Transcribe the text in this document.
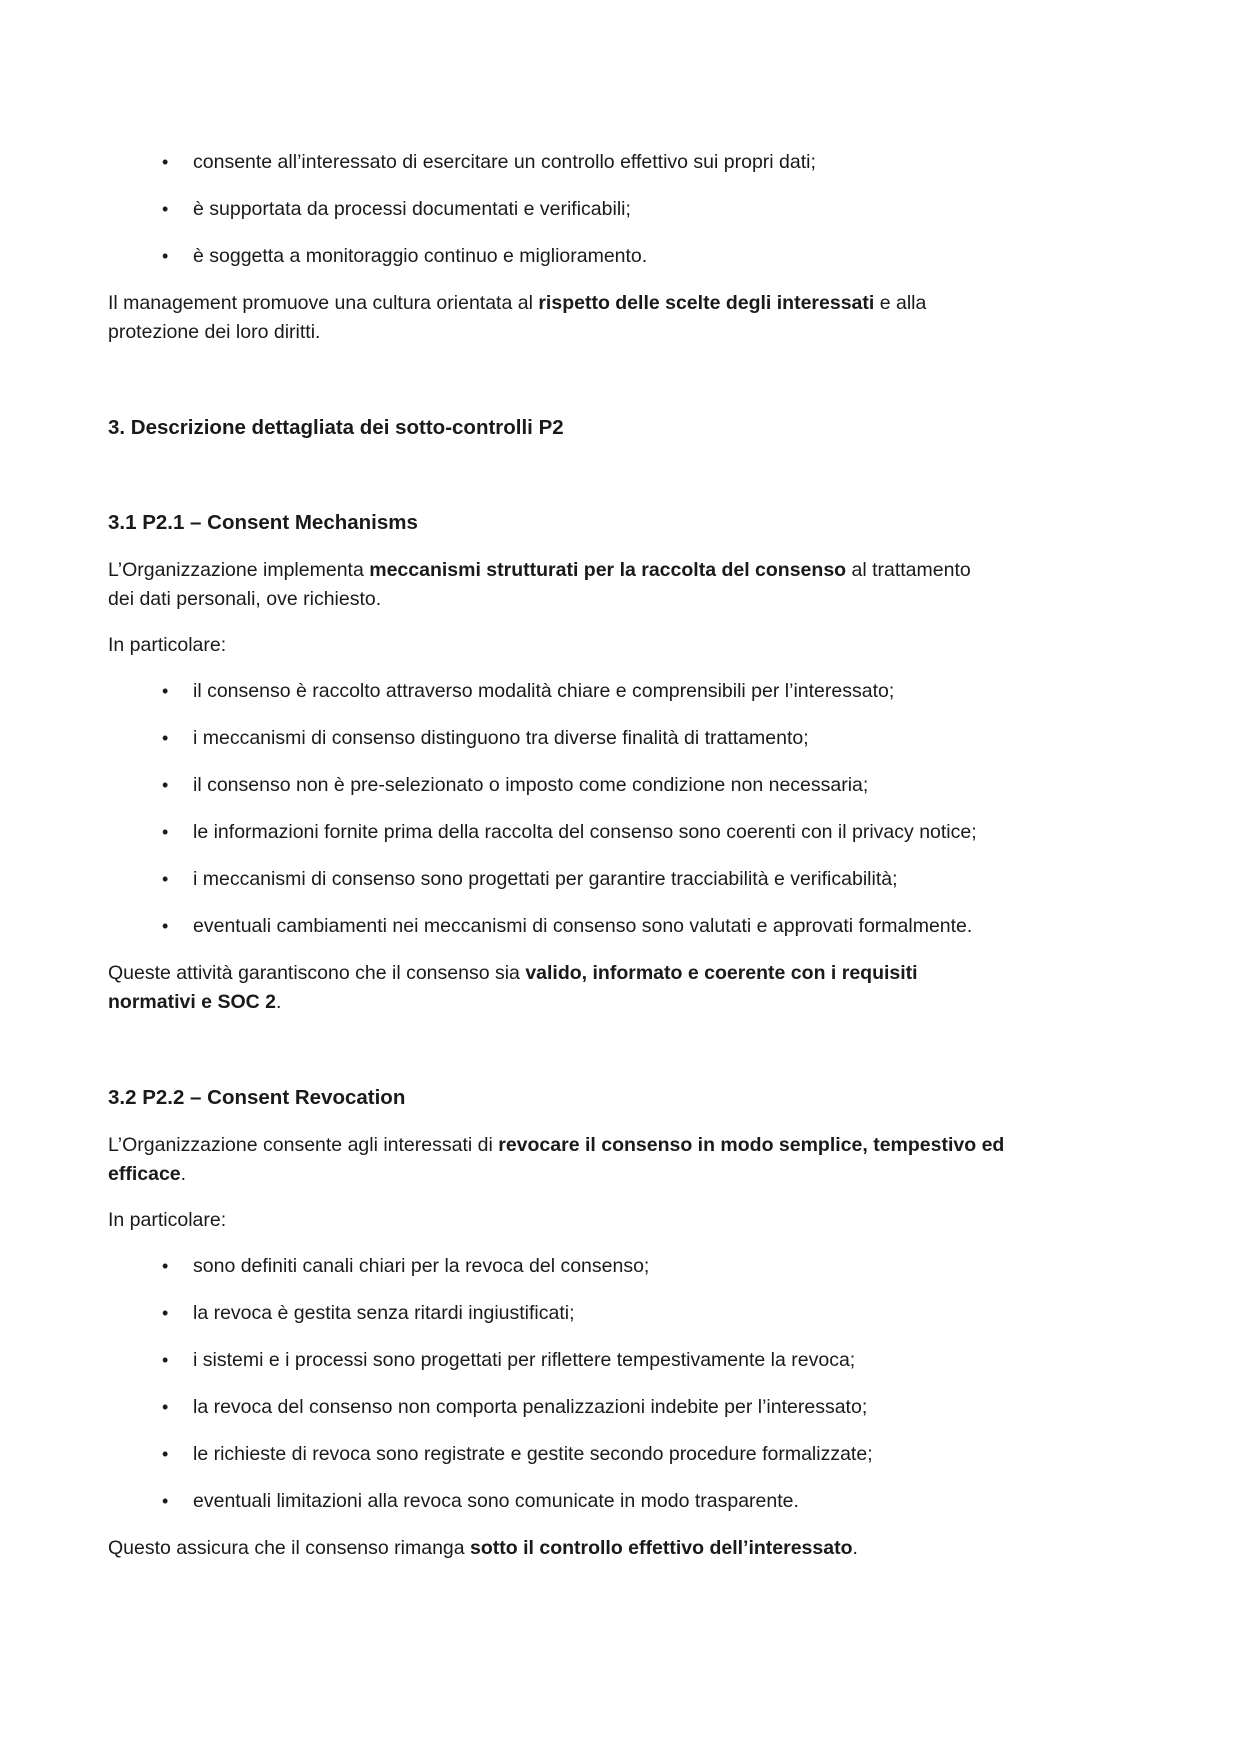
•	consente all’interessato di esercitare un controllo effettivo sui propri dati;
•	è supportata da processi documentati e verificabili;
•	è soggetta a monitoraggio continuo e miglioramento.

Il management promuove una cultura orientata al rispetto delle scelte degli interessati e alla
protezione dei loro diritti.

3. Descrizione dettagliata dei sotto-controlli P2
3.1 P2.1 – Consent Mechanisms

L’Organizzazione implementa meccanismi strutturati per la raccolta del consenso al trattamento
dei dati personali, ove richiesto.

In particolare:

•	il consenso è raccolto attraverso modalità chiare e comprensibili per l’interessato;
•	i meccanismi di consenso distinguono tra diverse finalità di trattamento;
•	il consenso non è pre-selezionato o imposto come condizione non necessaria;
•	le informazioni fornite prima della raccolta del consenso sono coerenti con il privacy notice;
•	i meccanismi di consenso sono progettati per garantire tracciabilità e verificabilità;
•	eventuali cambiamenti nei meccanismi di consenso sono valutati e approvati formalmente.

Queste attività garantiscono che il consenso sia valido, informato e coerente con i requisiti
normativi e SOC 2.

3.2 P2.2 – Consent Revocation

L’Organizzazione consente agli interessati di revocare il consenso in modo semplice, tempestivo ed
efficace.

In particolare:

•	sono definiti canali chiari per la revoca del consenso;
•	la revoca è gestita senza ritardi ingiustificati;
•	i sistemi e i processi sono progettati per riflettere tempestivamente la revoca;
•	la revoca del consenso non comporta penalizzazioni indebite per l’interessato;
•	le richieste di revoca sono registrate e gestite secondo procedure formalizzate;
•	eventuali limitazioni alla revoca sono comunicate in modo trasparente.

Questo assicura che il consenso rimanga sotto il controllo effettivo dell’interessato.
